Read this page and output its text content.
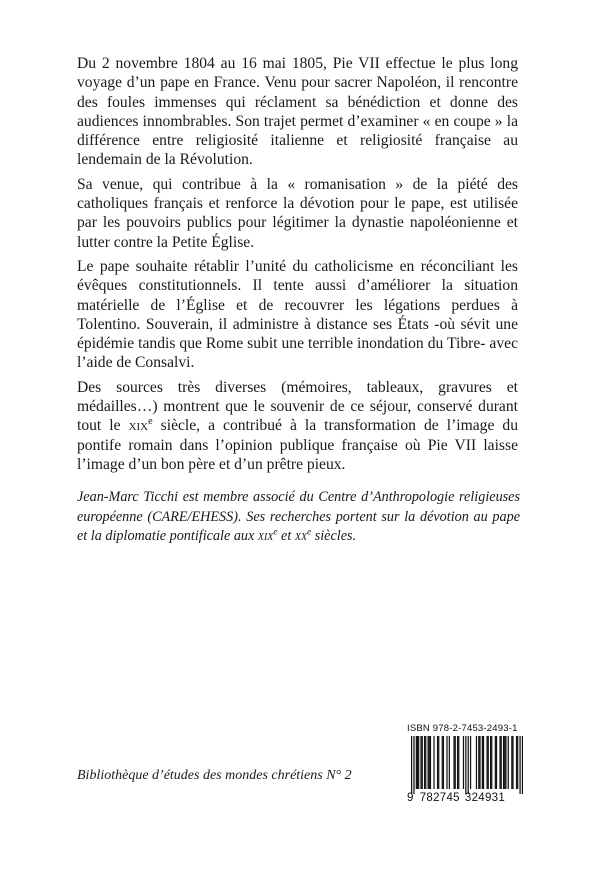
Du 2 novembre 1804 au 16 mai 1805, Pie VII effectue le plus long voyage d’un pape en France. Venu pour sacrer Napoléon, il rencontre des foules immenses qui réclament sa bénédiction et donne des audiences innombrables. Son trajet permet d’examiner « en coupe » la différence entre religiosité italienne et religiosité française au lendemain de la Révolution.

Sa venue, qui contribue à la « romanisation » de la piété des catholiques français et renforce la dévotion pour le pape, est utilisée par les pouvoirs publics pour légitimer la dynastie napoléonienne et lutter contre la Petite Église.

Le pape souhaite rétablir l’unité du catholicisme en réconciliant les évêques constitutionnels. Il tente aussi d’améliorer la situation matérielle de l’Église et de recouvrer les légations perdues à Tolentino. Souverain, il administre à distance ses États -où sévit une épidémie tandis que Rome subit une terrible inondation du Tibre- avec l’aide de Consalvi.

Des sources très diverses (mémoires, tableaux, gravures et médailles…) montrent que le souvenir de ce séjour, conservé durant tout le xix$^e$ siècle, a contribué à la transformation de l’image du pontife romain dans l’opinion publique française où Pie VII laisse l’image d’un bon père et d’un prêtre pieux.

Jean-Marc Ticchi est membre associé du Centre d’Anthropologie religieuses européenne (CARE/EHESS). Ses recherches portent sur la dévotion au pape et la diplomatie pontificale aux xix$^e$ et $xx^e$ siècles.

Bibliothèque d’études des mondes chrétiens N° 2
ISBN 978-2-7453-2493-1
9 782745 324931
